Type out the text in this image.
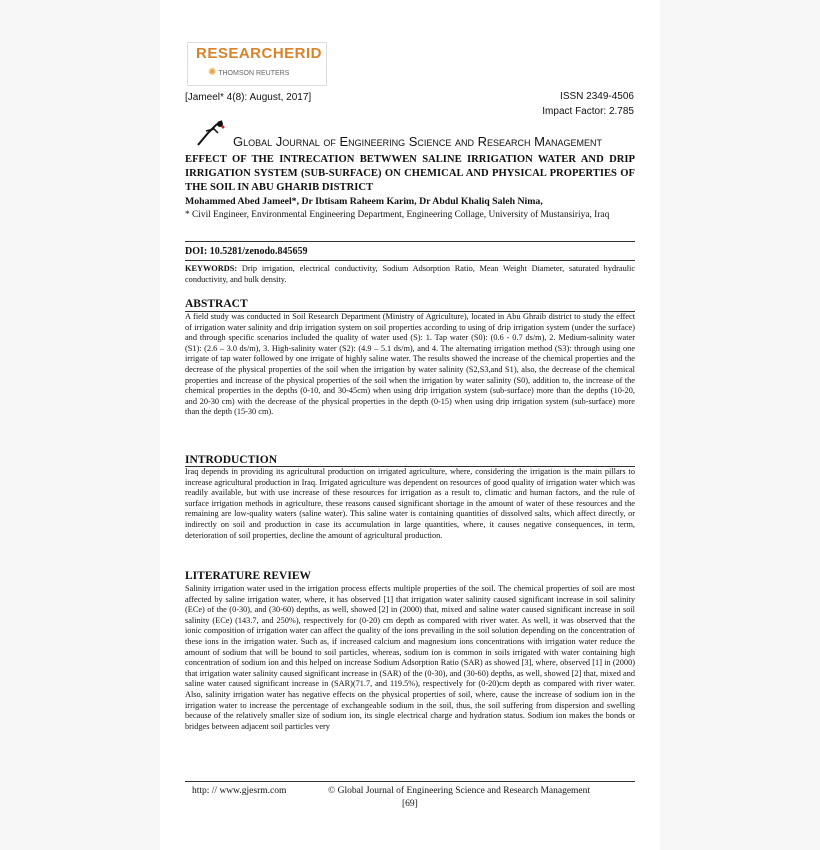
RESEARCHERID
✺ THOMSON REUTERS
[Jameel* 4(8): August, 2017]	ISSN 2349-4506
Impact Factor: 2.785
Global Journal of Engineering Science and Research Management
EFFECT OF THE INTRECATION BETWWEN SALINE IRRIGATION WATER AND DRIP IRRIGATION SYSTEM (SUB-SURFACE) ON CHEMICAL AND PHYSICAL PROPERTIES OF THE SOIL IN ABU GHARIB DISTRICT
Mohammed Abed Jameel*, Dr Ibtisam Raheem Karim, Dr Abdul Khaliq Saleh Nima,
* Civil Engineer, Environmental Engineering Department, Engineering Collage, University of Mustansiriya, Iraq
DOI: 10.5281/zenodo.845659
KEYWORDS: Drip irrigation, electrical conductivity, Sodium Adsorption Ratio, Mean Weight Diameter, saturated hydraulic conductivity, and bulk density.
ABSTRACT
A field study was conducted in Soil Research Department (Ministry of Agriculture), located in Abu Ghraib district to study the effect of irrigation water salinity and drip irrigation system on soil properties according to using of drip irrigation system (under the surface) and through specific scenarios included the quality of water used (S): 1. Tap water (S0): (0.6 - 0.7 ds/m), 2. Medium-salinity water (S1): (2.6 – 3.0 ds/m), 3. High-salinity water (S2): (4.9 – 5.1 ds/m), and 4. The alternating irrigation method (S3): through using one irrigate of tap water followed by one irrigate of highly saline water. The results showed the increase of the chemical properties and the decrease of the physical properties of the soil when the irrigation by water salinity (S2,S3,and S1), also, the decrease of the chemical properties and increase of the physical properties of the soil when the irrigation by water salinity (S0), addition to, the increase of the chemical properties in the depths (0-10, and 30-45cm) when using drip irrigation system (sub-surface) more than the depths (10-20, and 20-30 cm) with the decrease of the physical properties in the depth (0-15) when using drip irrigation system (sub-surface) more than the depth (15-30 cm).
INTRODUCTION
Iraq depends in providing its agricultural production on irrigated agriculture, where, considering the irrigation is the main pillars to increase agricultural production in Iraq. Irrigated agriculture was dependent on resources of good quality of irrigation water which was readily available, but with use increase of these resources for irrigation as a result to, climatic and human factors, and the rule of surface irrigation methods in agriculture, these reasons caused significant shortage in the amount of water of these resources and the remaining are low-quality waters (saline water). This saline water is containing quantities of dissolved salts, which affect directly, or indirectly on soil and production in case its accumulation in large quantities, where, it causes negative consequences, in term, deterioration of soil properties, decline the amount of agricultural production.
LITERATURE REVIEW
Salinity irrigation water used in the irrigation process effects multiple properties of the soil. The chemical properties of soil are most affected by saline irrigation water, where, it has observed [1] that irrigation water salinity caused significant increase in soil salinity (ECe) of the (0-30), and (30-60) depths, as well, showed [2] in (2000) that, mixed and saline water caused significant increase in soil salinity (ECe) (143.7, and 250%), respectively for (0-20) cm depth as compared with river water. As well, it was observed that the ionic composition of irrigation water can affect the quality of the ions prevailing in the soil solution depending on the concentration of these ions in the irrigation water. Such as, if increased calcium and magnesium ions concentrations with irrigation water reduce the amount of sodium that will be bound to soil particles, whereas, sodium ion is common in soils irrigated with water containing high concentration of sodium ion and this helped on increase Sodium Adsorption Ratio (SAR) as showed [3], where, observed [1] in (2000) that irrigation water salinity caused significant increase in (SAR) of the (0-30), and (30-60) depths, as well, showed [2] that, mixed and saline water caused significant increase in (SAR)(71.7, and 119.5%), respectively for (0-20)cm depth as compared with river water. Also, salinity irrigation water has negative effects on the physical properties of soil, where, cause the increase of sodium ion in the irrigation water to increase the percentage of exchangeable sodium in the soil, thus, the soil suffering from dispersion and swelling because of the relatively smaller size of sodium ion, its single electrical charge and hydration status. Sodium ion makes the bonds or bridges between adjacent soil particles very
http: // www.gjesrm.com	© Global Journal of Engineering Science and Research Management
[69]
